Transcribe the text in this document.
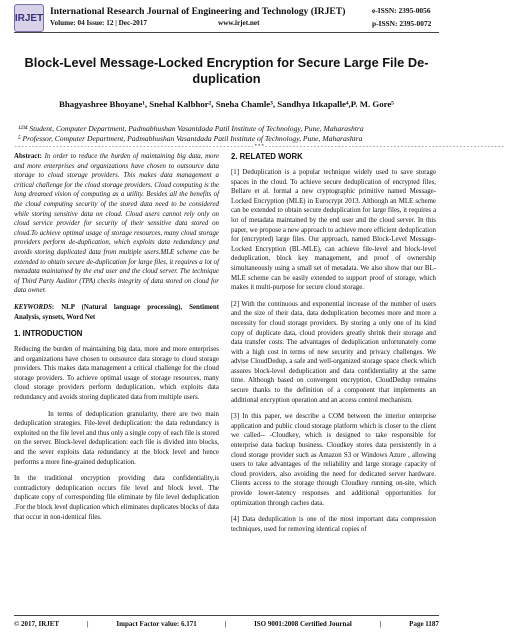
IRJET
International Research Journal of Engineering and Technology (IRJET)
Volume: 04 Issue: 12 | Dec-2017	www.irjet.net
e-ISSN: 2395-0056
p-ISSN: 2395-0072
Block-Level Message-Locked Encryption for Secure Large File De-duplication
Bhagyashree Bhoyane¹, Snehal Kalbhor², Sneha Chamle³, Sandhya Itkapalle⁴,P. M. Gore⁵
¹²³⁴ Student, Computer Department, Padmabhushan Vasantdada Patil Institute of Technology, Pune, Maharashtra
⁵ Professor, Computer Department, Padmabhushan Vasantdada Patil Institute of Technology, Pune, Maharashtra
---------------------------------------------------------------------***---------------------------------------------------------------------

Abstract: In order to reduce the burden of maintaining big data, more and more enterprises and organizations have chosen to outsource data storage to cloud storage providers. This makes data management a critical challenge for the cloud storage providers. Cloud computing is the long dreamed vision of computing as a utility. Besides all the benefits of the cloud computing security of the stored data need to be considered while storing sensitive data on cloud. Cloud users cannot rely only on cloud service provider for security of their sensitive data stored on cloud.To achieve optimal usage of storage resources, many cloud storage providers perform de-duplication, which exploits data redundancy and avoids storing duplicated data from multiple users.MLE scheme can be extended to obtain secure de-duplication for large files, it requires a lot of metadata maintained by the end user and the cloud server. The technique of Third Party Auditor (TPA) checks integrity of data stored on cloud for data owner.

KEYWORDS: NLP (Natural language processing), Sentiment Analysis, synsets, Word Net

1. INTRODUCTION

Reducing the burden of maintaining big data, more and more enterprises and organizations have chosen to outsource data storage to cloud storage providers. This makes data management a critical challenge for the cloud storage providers. To achieve optimal usage of storage resources, many cloud storage providers perform deduplication, which exploits data redundancy and avoids storing duplicated data from multiple users.

In terms of deduplication granularity, there are two main deduplication strategies. File-level deduplication: the data redundancy is exploited on the file level and thus only a single copy of each file is stored on the server. Block-level deduplication: each file is divided into blocks, and the sever exploits data redundancy at the block level and hence performs a more fine-grained deduplication.

In the traditional encryption providing data confidentiality,is contradictory deduplication occurs file level and block level. The duplicate copy of corresponding file eliminate by file level deduplication .For the block level duplication which eliminates duplicates blocks of data that occur in non-identical files.

2. RELATED WORK

[1] Deduplication is a popular technique widely used to save storage spaces in the cloud. To achieve secure deduplication of encrypted files, Bellare et al. formal a new cryptographic primitive named Message-Locked Encryption (MLE) in Eurocrypt 2013. Although an MLE scheme can be extended to obtain secure deduplication for large files, it requires a lot of metadata maintained by the end user and the cloud server. In this paper, we propose a new approach to achieve more efficient deduplication for (encrypted) large files. Our approach, named Block-Level Message-Locked Encryption (BL-MLE), can achieve file-level and block-level deduplication, block key management, and proof of ownership simultaneously using a small set of metadata. We also show that our BL-MLE scheme can be easily extended to support proof of storage, which makes it multi-purpose for secure cloud storage.

[2] With the continuous and exponential increase of the number of users and the size of their data, data deduplication becomes more and more a necessity for cloud storage providers. By storing a only one of its kind copy of duplicate data, cloud providers greatly shrink their storage and data transfer costs. The advantages of deduplication unfortunately come with a high cost in terms of new security and privacy challenges. We advise CloudDedup, a safe and well-organized storage space check which assures block-level deduplication and data confidentiality at the same time. Although based on convergent encryption, CloudDedup remains secure thanks to the definition of a component that implements an additional encryption operation and an access control mechanism.

[3] In this paper, we describe a COM between the interior enterprise application and public cloud storage platform which is closer to the client we called-- -Cloudkey, which is designed to take responsible for enterprise data backup business. Cloudkey stores data persistently in a cloud storage provider such as Amazon S3 or Windows Azure , allowing users to take advantages of the reliability and large storage capacity of cloud providers, also avoiding the need for dedicated server hardware. Clients access to the storage through Cloudkey running on-site, which provide lower-latency responses and additional opportunities for optimization through caches data.

[4] Data deduplication is one of the most important data compression techniques, used for removing identical copies of

© 2017, IRJET	|	Impact Factor value: 6.171	|	ISO 9001:2008 Certified Journal	|	Page 1187
